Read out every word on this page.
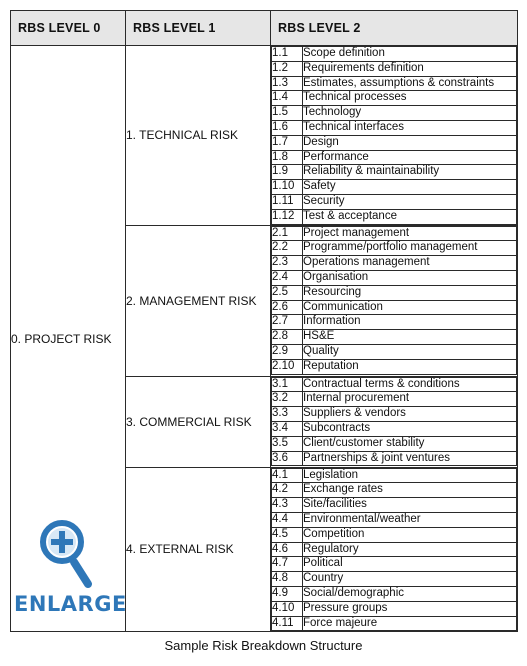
RBS LEVEL 0	RBS LEVEL 1	RBS LEVEL 2
0. PROJECT RISK	1. TECHNICAL RISK	
1.1	Scope definition
1.2	Requirements definition
1.3	Estimates, assumptions & constraints
1.4	Technical processes
1.5	Technology
1.6	Technical interfaces
1.7	Design
1.8	Performance
1.9	Reliability & maintainability
1.10	Safety
1.11	Security
1.12	Test & acceptance

2. MANAGEMENT RISK	
2.1	Project management
2.2	Programme/portfolio management
2.3	Operations management
2.4	Organisation
2.5	Resourcing
2.6	Communication
2.7	Information
2.8	HS&E
2.9	Quality
2.10	Reputation

3. COMMERCIAL RISK	
3.1	Contractual terms & conditions
3.2	Internal procurement
3.3	Suppliers & vendors
3.4	Subcontracts
3.5	Client/customer stability
3.6	Partnerships & joint ventures

4. EXTERNAL RISK	
4.1	Legislation
4.2	Exchange rates
4.3	Site/facilities
4.4	Environmental/weather
4.5	Competition
4.6	Regulatory
4.7	Political
4.8	Country
4.9	Social/demographic
4.10	Pressure groups
4.11	Force majeure
ENLARGE
Sample Risk Breakdown Structure
